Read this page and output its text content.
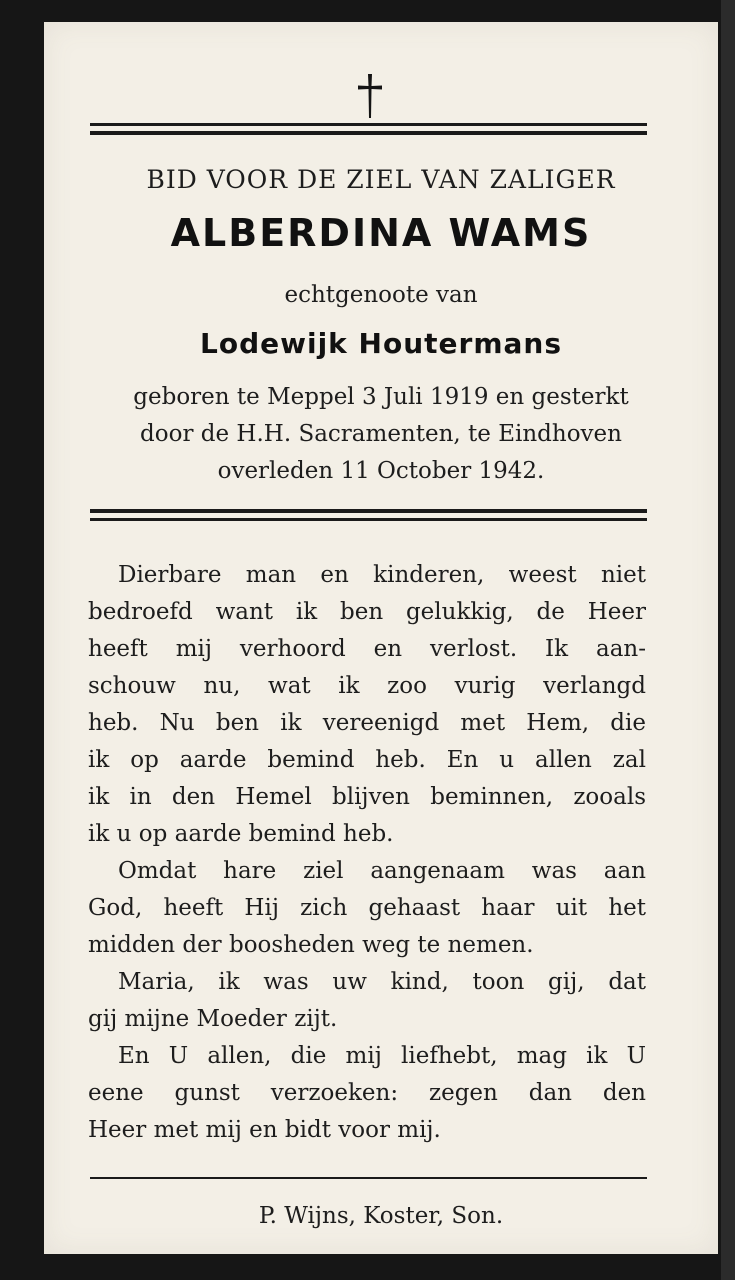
BID VOOR DE ZIEL VAN ZALIGER
ALBERDINA WAMS
echtgenoote van
Lodewijk Houtermans
geboren te Meppel 3 Juli 1919 en gesterkt
door de H.H. Sacramenten, te Eindhoven
overleden 11 October 1942.
Dierbare man en kinderen, weest niet
bedroefd want ik ben gelukkig, de Heer
heeft mij verhoord en verlost. Ik aan-
schouw nu, wat ik zoo vurig verlangd
heb. Nu ben ik vereenigd met Hem, die
ik op aarde bemind heb. En u allen zal
ik in den Hemel blijven beminnen, zooals
ik u op aarde bemind heb.
Omdat hare ziel aangenaam was aan
God, heeft Hij zich gehaast haar uit het
midden der boosheden weg te nemen.
Maria, ik was uw kind, toon gij, dat
gij mijne Moeder zijt.
En U allen, die mij liefhebt, mag ik U
eene gunst verzoeken: zegen dan den
Heer met mij en bidt voor mij.
P. Wijns, Koster, Son.
